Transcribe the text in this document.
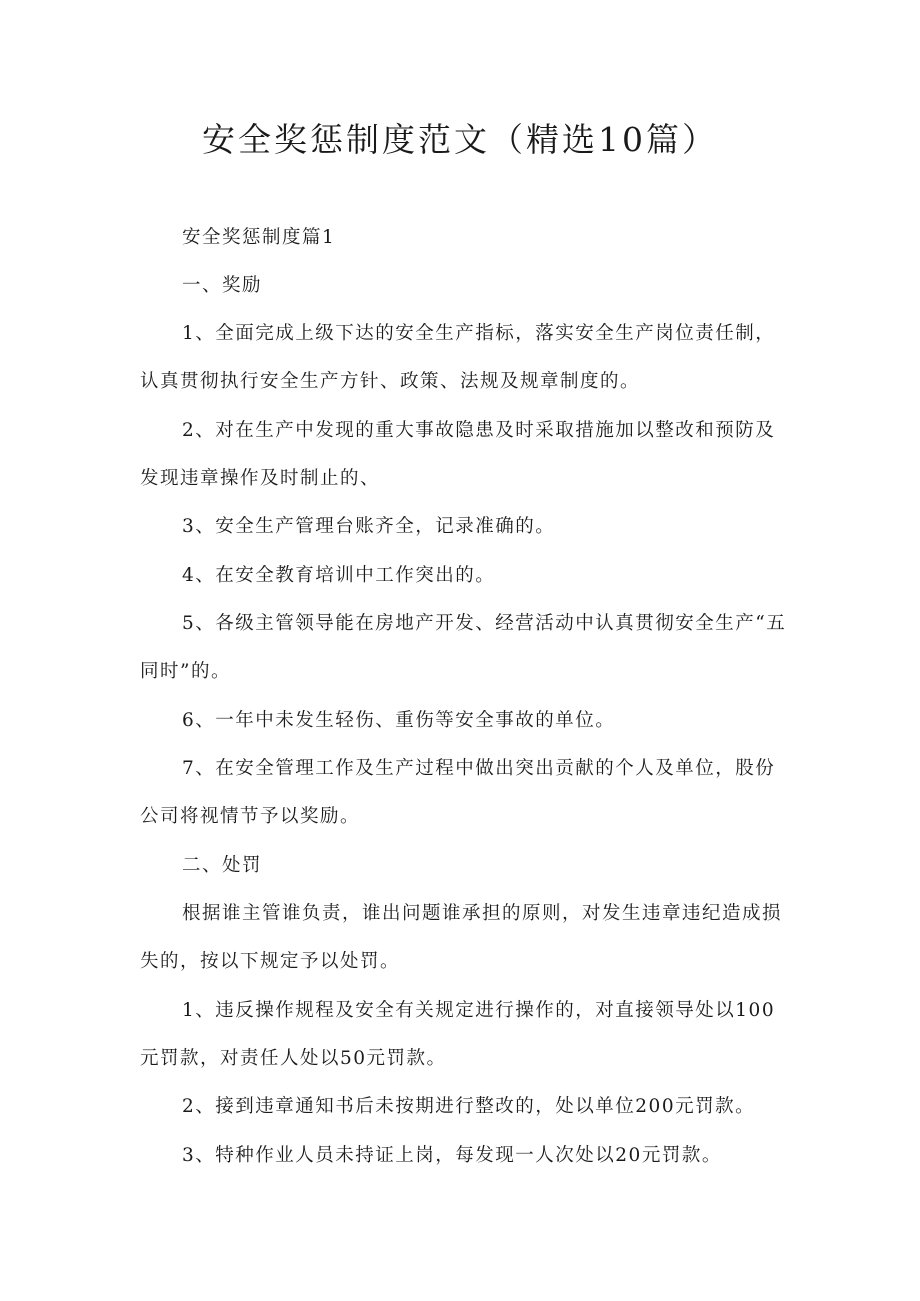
安全奖惩制度范文（精选10篇）

安全奖惩制度篇1

一、奖励

1、全面完成上级下达的安全生产指标，落实安全生产岗位责任制，认真贯彻执行安全生产方针、政策、法规及规章制度的。

2、对在生产中发现的重大事故隐患及时采取措施加以整改和预防及发现违章操作及时制止的、

3、安全生产管理台账齐全，记录准确的。

4、在安全教育培训中工作突出的。

5、各级主管领导能在房地产开发、经营活动中认真贯彻安全生产“五同时”的。

6、一年中未发生轻伤、重伤等安全事故的单位。

7、在安全管理工作及生产过程中做出突出贡献的个人及单位，股份公司将视情节予以奖励。

二、处罚

根据谁主管谁负责，谁出问题谁承担的原则，对发生违章违纪造成损失的，按以下规定予以处罚。

1、违反操作规程及安全有关规定进行操作的，对直接领导处以100元罚款，对责任人处以50元罚款。

2、接到违章通知书后未按期进行整改的，处以单位200元罚款。

3、特种作业人员未持证上岗，每发现一人次处以20元罚款。
